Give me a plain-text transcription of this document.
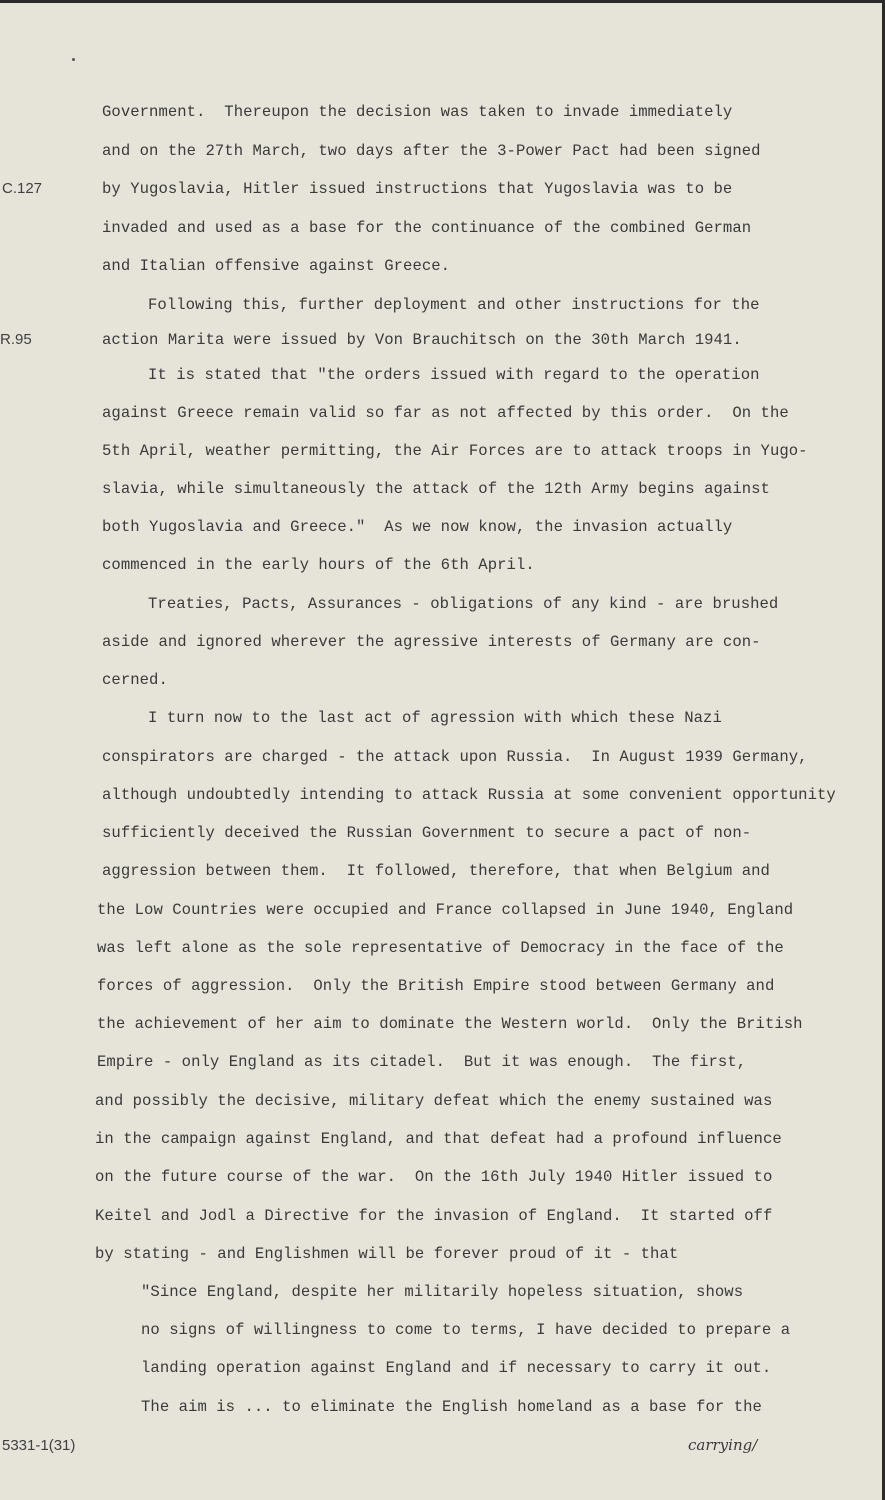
C.127
R.95
Government.  Thereupon the decision was taken to invade immediately
and on the 27th March, two days after the 3-Power Pact had been signed
by Yugoslavia, Hitler issued instructions that Yugoslavia was to be
invaded and used as a base for the continuance of the combined German
and Italian offensive against Greece.
Following this, further deployment and other instructions for the
action Marita were issued by Von Brauchitsch on the 30th March 1941.
It is stated that "the orders issued with regard to the operation
against Greece remain valid so far as not affected by this order.  On the
5th April, weather permitting, the Air Forces are to attack troops in Yugo-
slavia, while simultaneously the attack of the 12th Army begins against
both Yugoslavia and Greece."  As we now know, the invasion actually
commenced in the early hours of the 6th April.
Treaties, Pacts, Assurances - obligations of any kind - are brushed
aside and ignored wherever the agressive interests of Germany are con-
cerned.
I turn now to the last act of agression with which these Nazi
conspirators are charged - the attack upon Russia.  In August 1939 Germany,
although undoubtedly intending to attack Russia at some convenient opportunity
sufficiently deceived the Russian Government to secure a pact of non-
aggression between them.  It followed, therefore, that when Belgium and
the Low Countries were occupied and France collapsed in June 1940, England
was left alone as the sole representative of Democracy in the face of the
forces of aggression.  Only the British Empire stood between Germany and
the achievement of her aim to dominate the Western world.  Only the British
Empire - only England as its citadel.  But it was enough.  The first,
and possibly the decisive, military defeat which the enemy sustained was
in the campaign against England, and that defeat had a profound influence
on the future course of the war.  On the 16th July 1940 Hitler issued to
Keitel and Jodl a Directive for the invasion of England.  It started off
by stating - and Englishmen will be forever proud of it - that
"Since England, despite her militarily hopeless situation, shows
no signs of willingness to come to terms, I have decided to prepare a
landing operation against England and if necessary to carry it out.
The aim is ... to eliminate the English homeland as a base for the
5331-1(31)	carrying/
